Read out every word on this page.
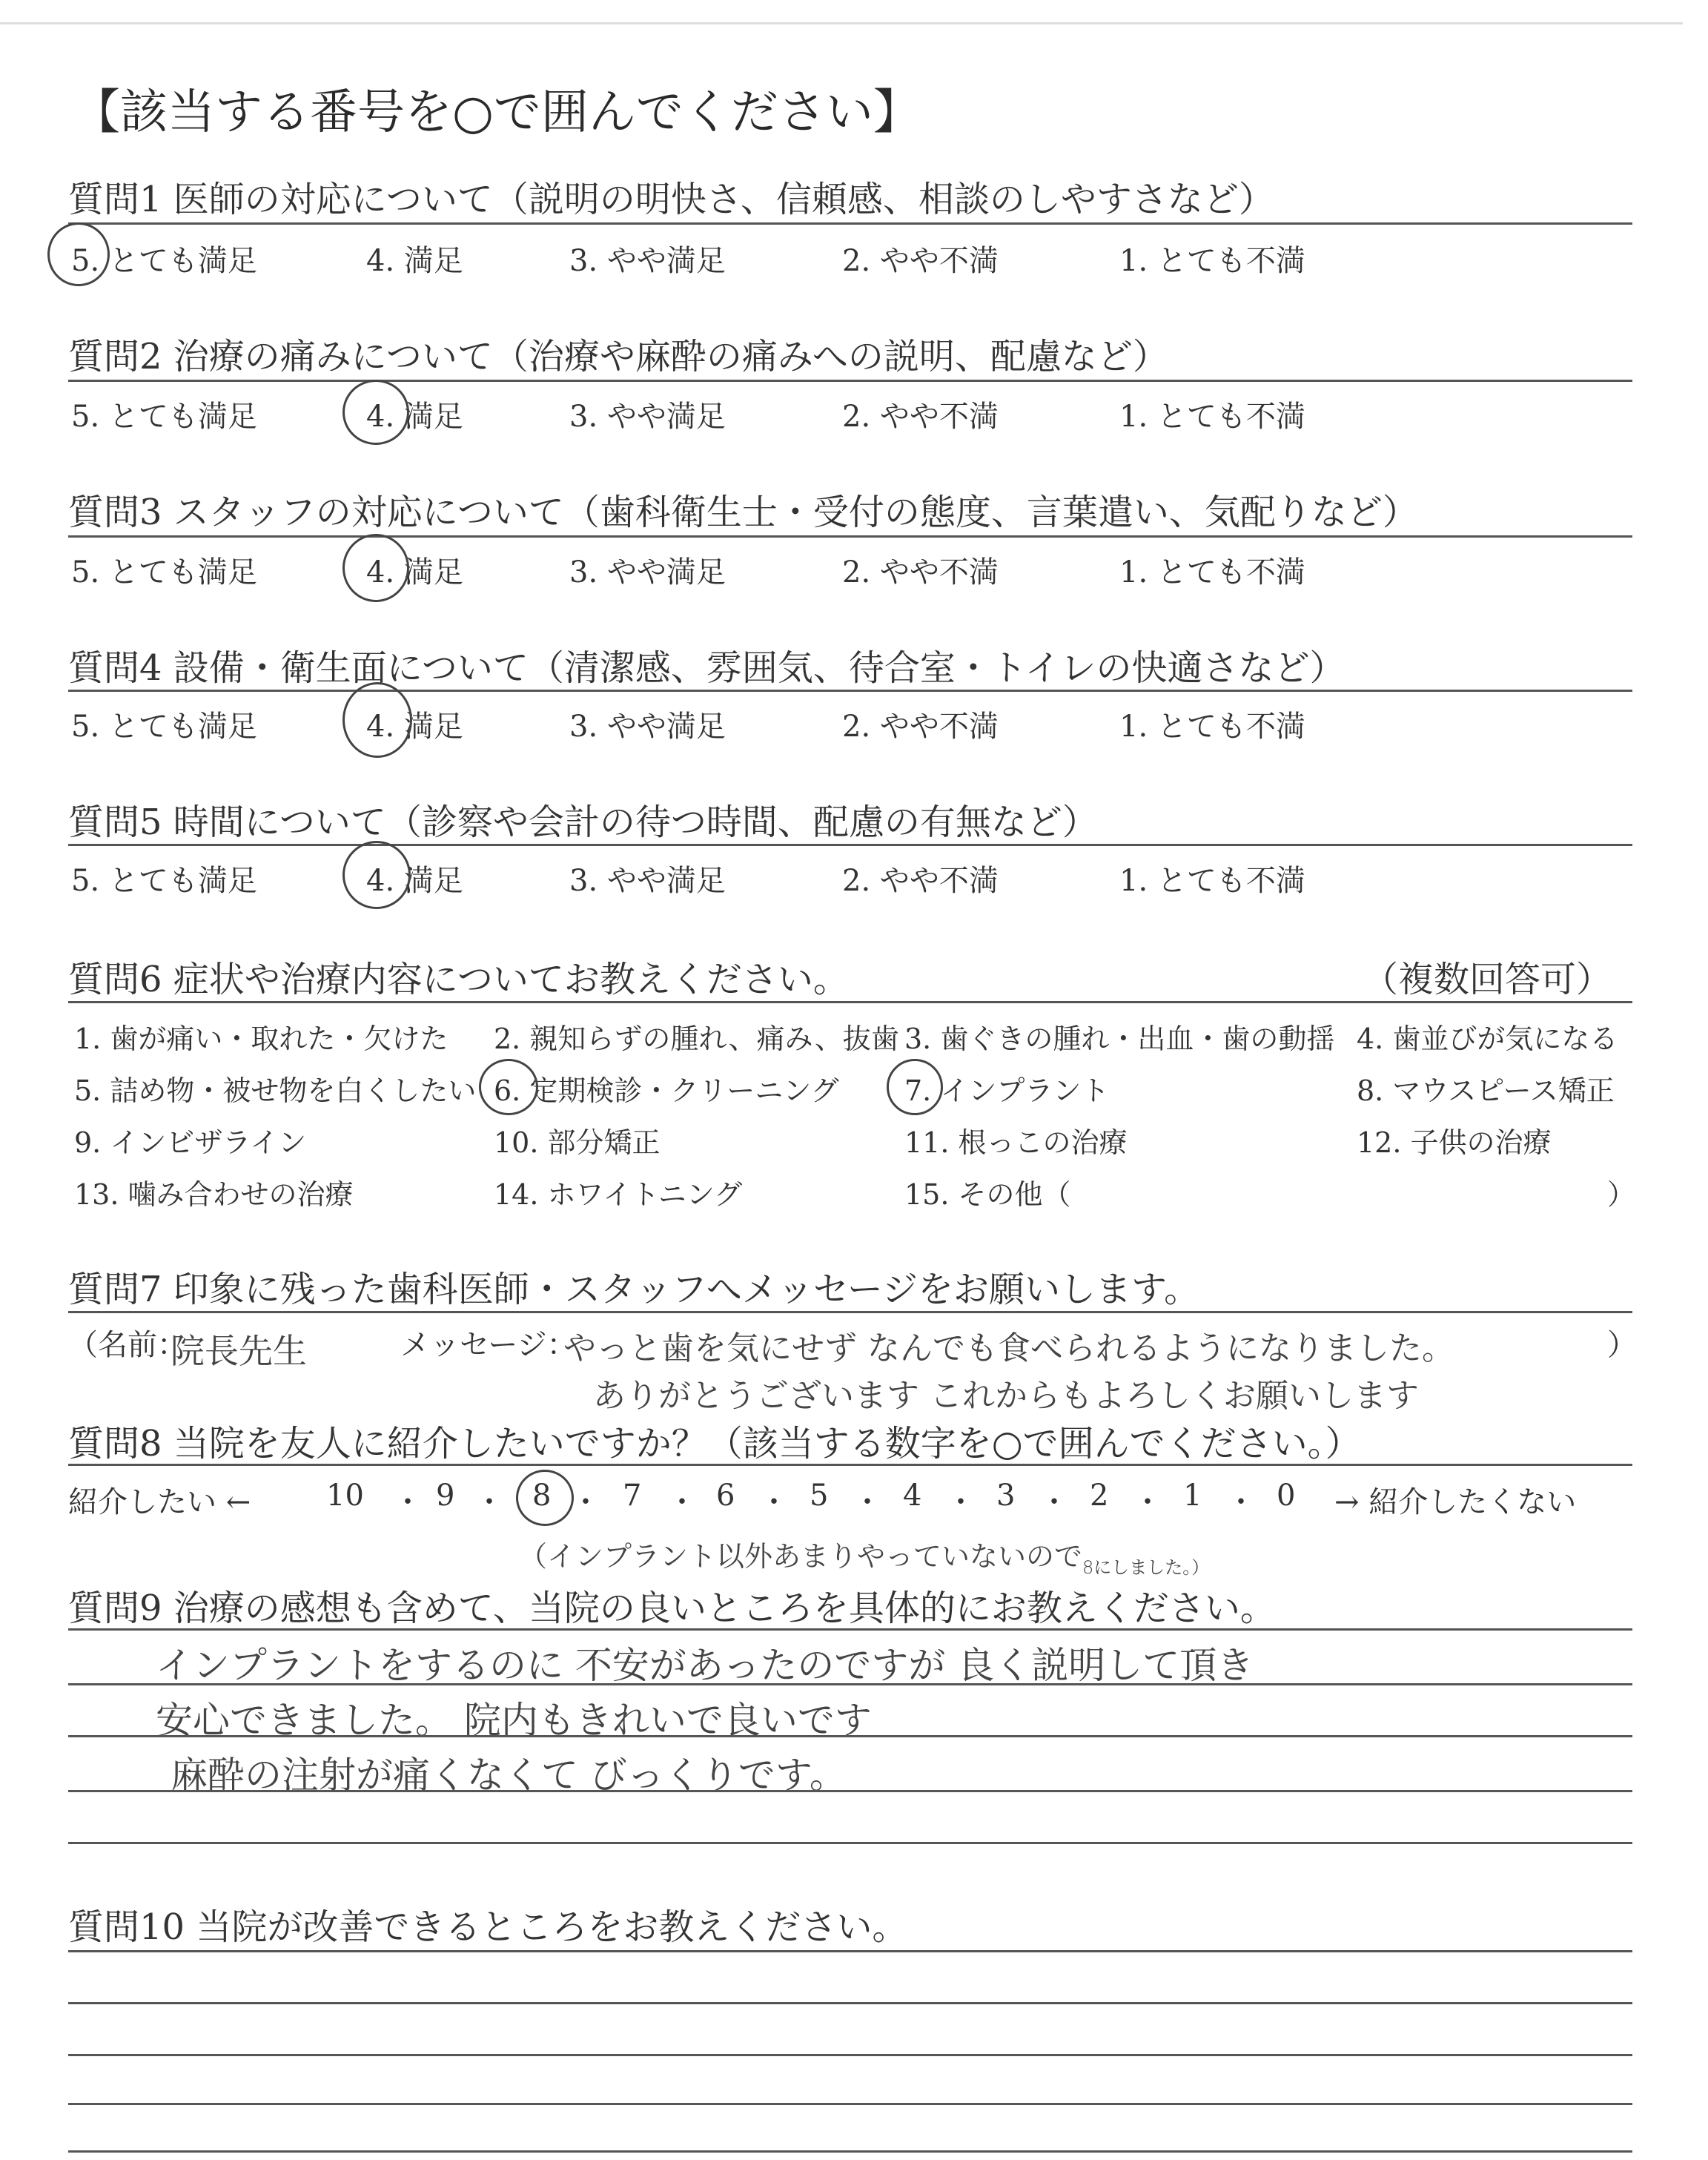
【該当する番号を○で囲んでください】
質問1 医師の対応について（説明の明快さ、信頼感、相談のしやすさなど）
5. とても満足	4. 満足	3. やや満足	2. やや不満	1. とても不満
質問2 治療の痛みについて（治療や麻酔の痛みへの説明、配慮など）
5. とても満足	4. 満足	3. やや満足	2. やや不満	1. とても不満
質問3 スタッフの対応について（歯科衛生士・受付の態度、言葉遣い、気配りなど）
5. とても満足	4. 満足	3. やや満足	2. やや不満	1. とても不満
質問4 設備・衛生面について（清潔感、雰囲気、待合室・トイレの快適さなど）
5. とても満足	4. 満足	3. やや満足	2. やや不満	1. とても不満
質問5 時間について（診察や会計の待つ時間、配慮の有無など）
5. とても満足	4. 満足	3. やや満足	2. やや不満	1. とても不満
質問6 症状や治療内容についてお教えください。	（複数回答可）
1. 歯が痛い・取れた・欠けた 2. 親知らずの腫れ、痛み、抜歯 3. 歯ぐきの腫れ・出血・歯の動揺 4. 歯並びが気になる
5. 詰め物・被せ物を白くしたい 6. 定期検診・クリーニング 7. インプラント	8. マウスピース矯正
9. インビザライン	10. 部分矯正	11. 根っこの治療	12. 子供の治療
13. 噛み合わせの治療	14. ホワイトニング	15. その他（	）
質問7 印象に残った歯科医師・スタッフへメッセージをお願いします。
（名前：
院長先生	メッセージ：
やっと歯を気にせず なんでも食べられるようになりました。
ありがとうございます これからもよろしくお願いします
）
質問8 当院を友人に紹介したいですか？（該当する数字を○で囲んでください。）
紹介したい ←	10 ・ 9 ・ 8 ・ 7 ・ 6 ・ 5 ・ 4 ・ 3 ・ 2 ・ 1 ・ 0 → 紹介したくない
（インプラント以外あまりやっていないので 8にしました。）
質問9 治療の感想も含めて、当院の良いところを具体的にお教えください。
インプラントをするのに 不安があったのですが 良く説明して頂き
安心できました。 院内もきれいで良いです
麻酔の注射が痛くなくて びっくりです。
質問10 当院が改善できるところをお教えください。
